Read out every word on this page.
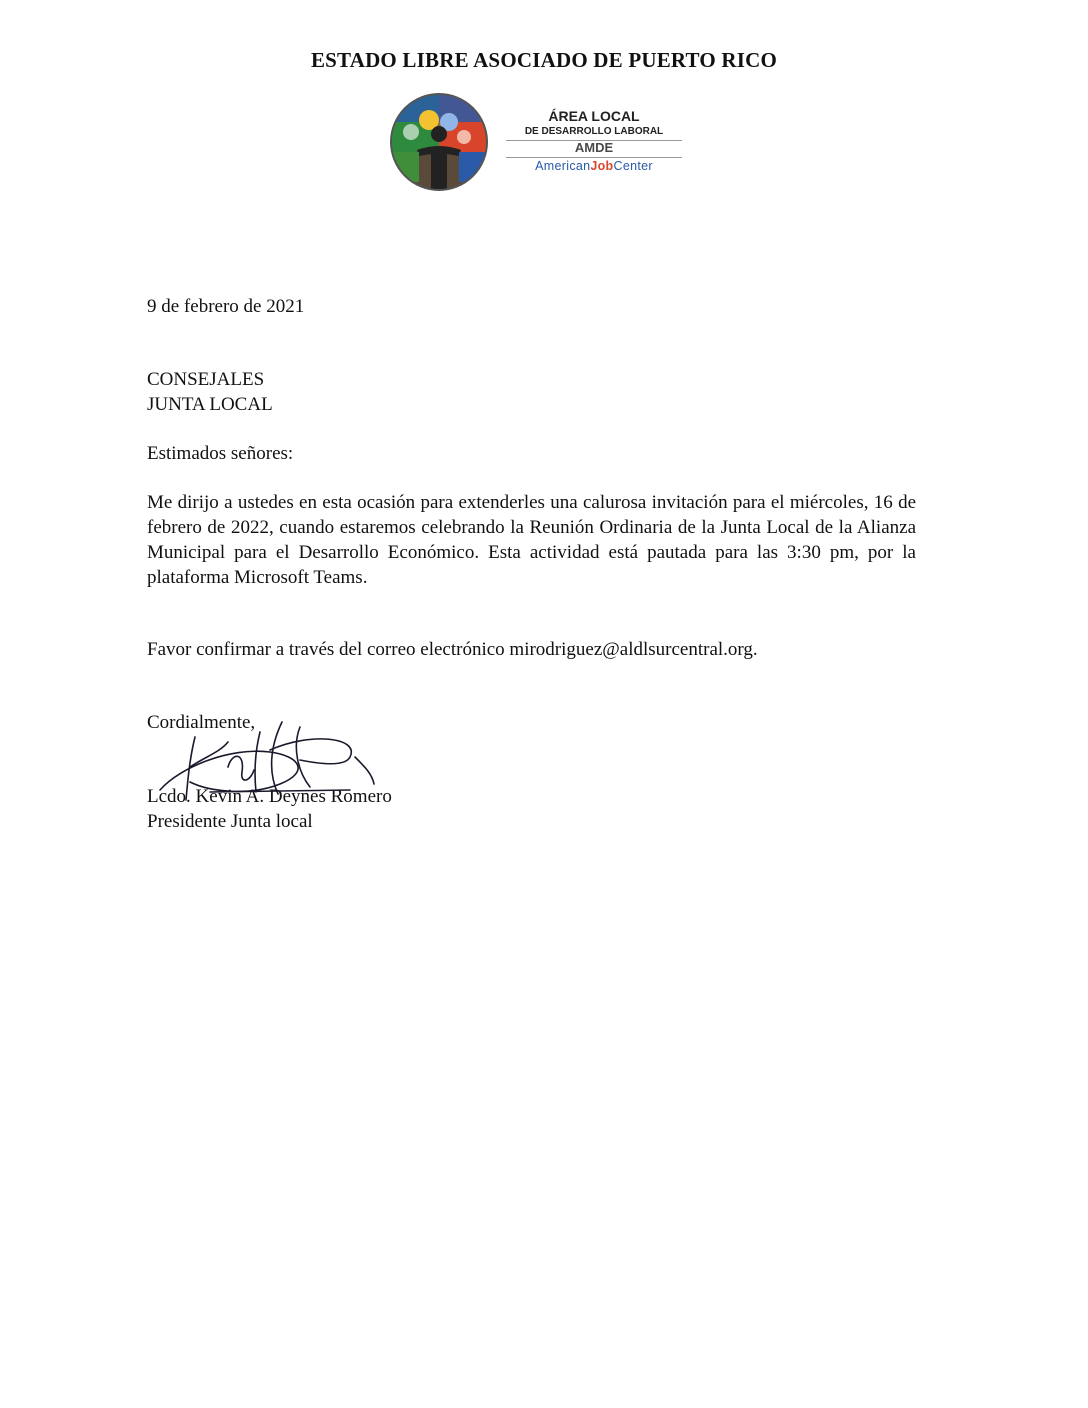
ESTADO LIBRE ASOCIADO DE PUERTO RICO
ÁREA LOCAL
DE DESARROLLO LABORAL
AMDE
AmericanJobCenter
9 de febrero de 2021
CONSEJALES
JUNTA LOCAL
Estimados señores:
Me dirijo a ustedes en esta ocasión para extenderles una calurosa invitación para el miércoles, 16 de febrero de 2022, cuando estaremos celebrando la Reunión Ordinaria de la Junta Local de la Alianza Municipal para el Desarrollo Económico. Esta actividad está pautada para las 3:30 pm, por la plataforma Microsoft Teams.
Favor confirmar a través del correo electrónico mirodriguez@aldlsurcentral.org.
Cordialmente,
Lcdo. Kevin A. Deynes Romero
Presidente Junta local
